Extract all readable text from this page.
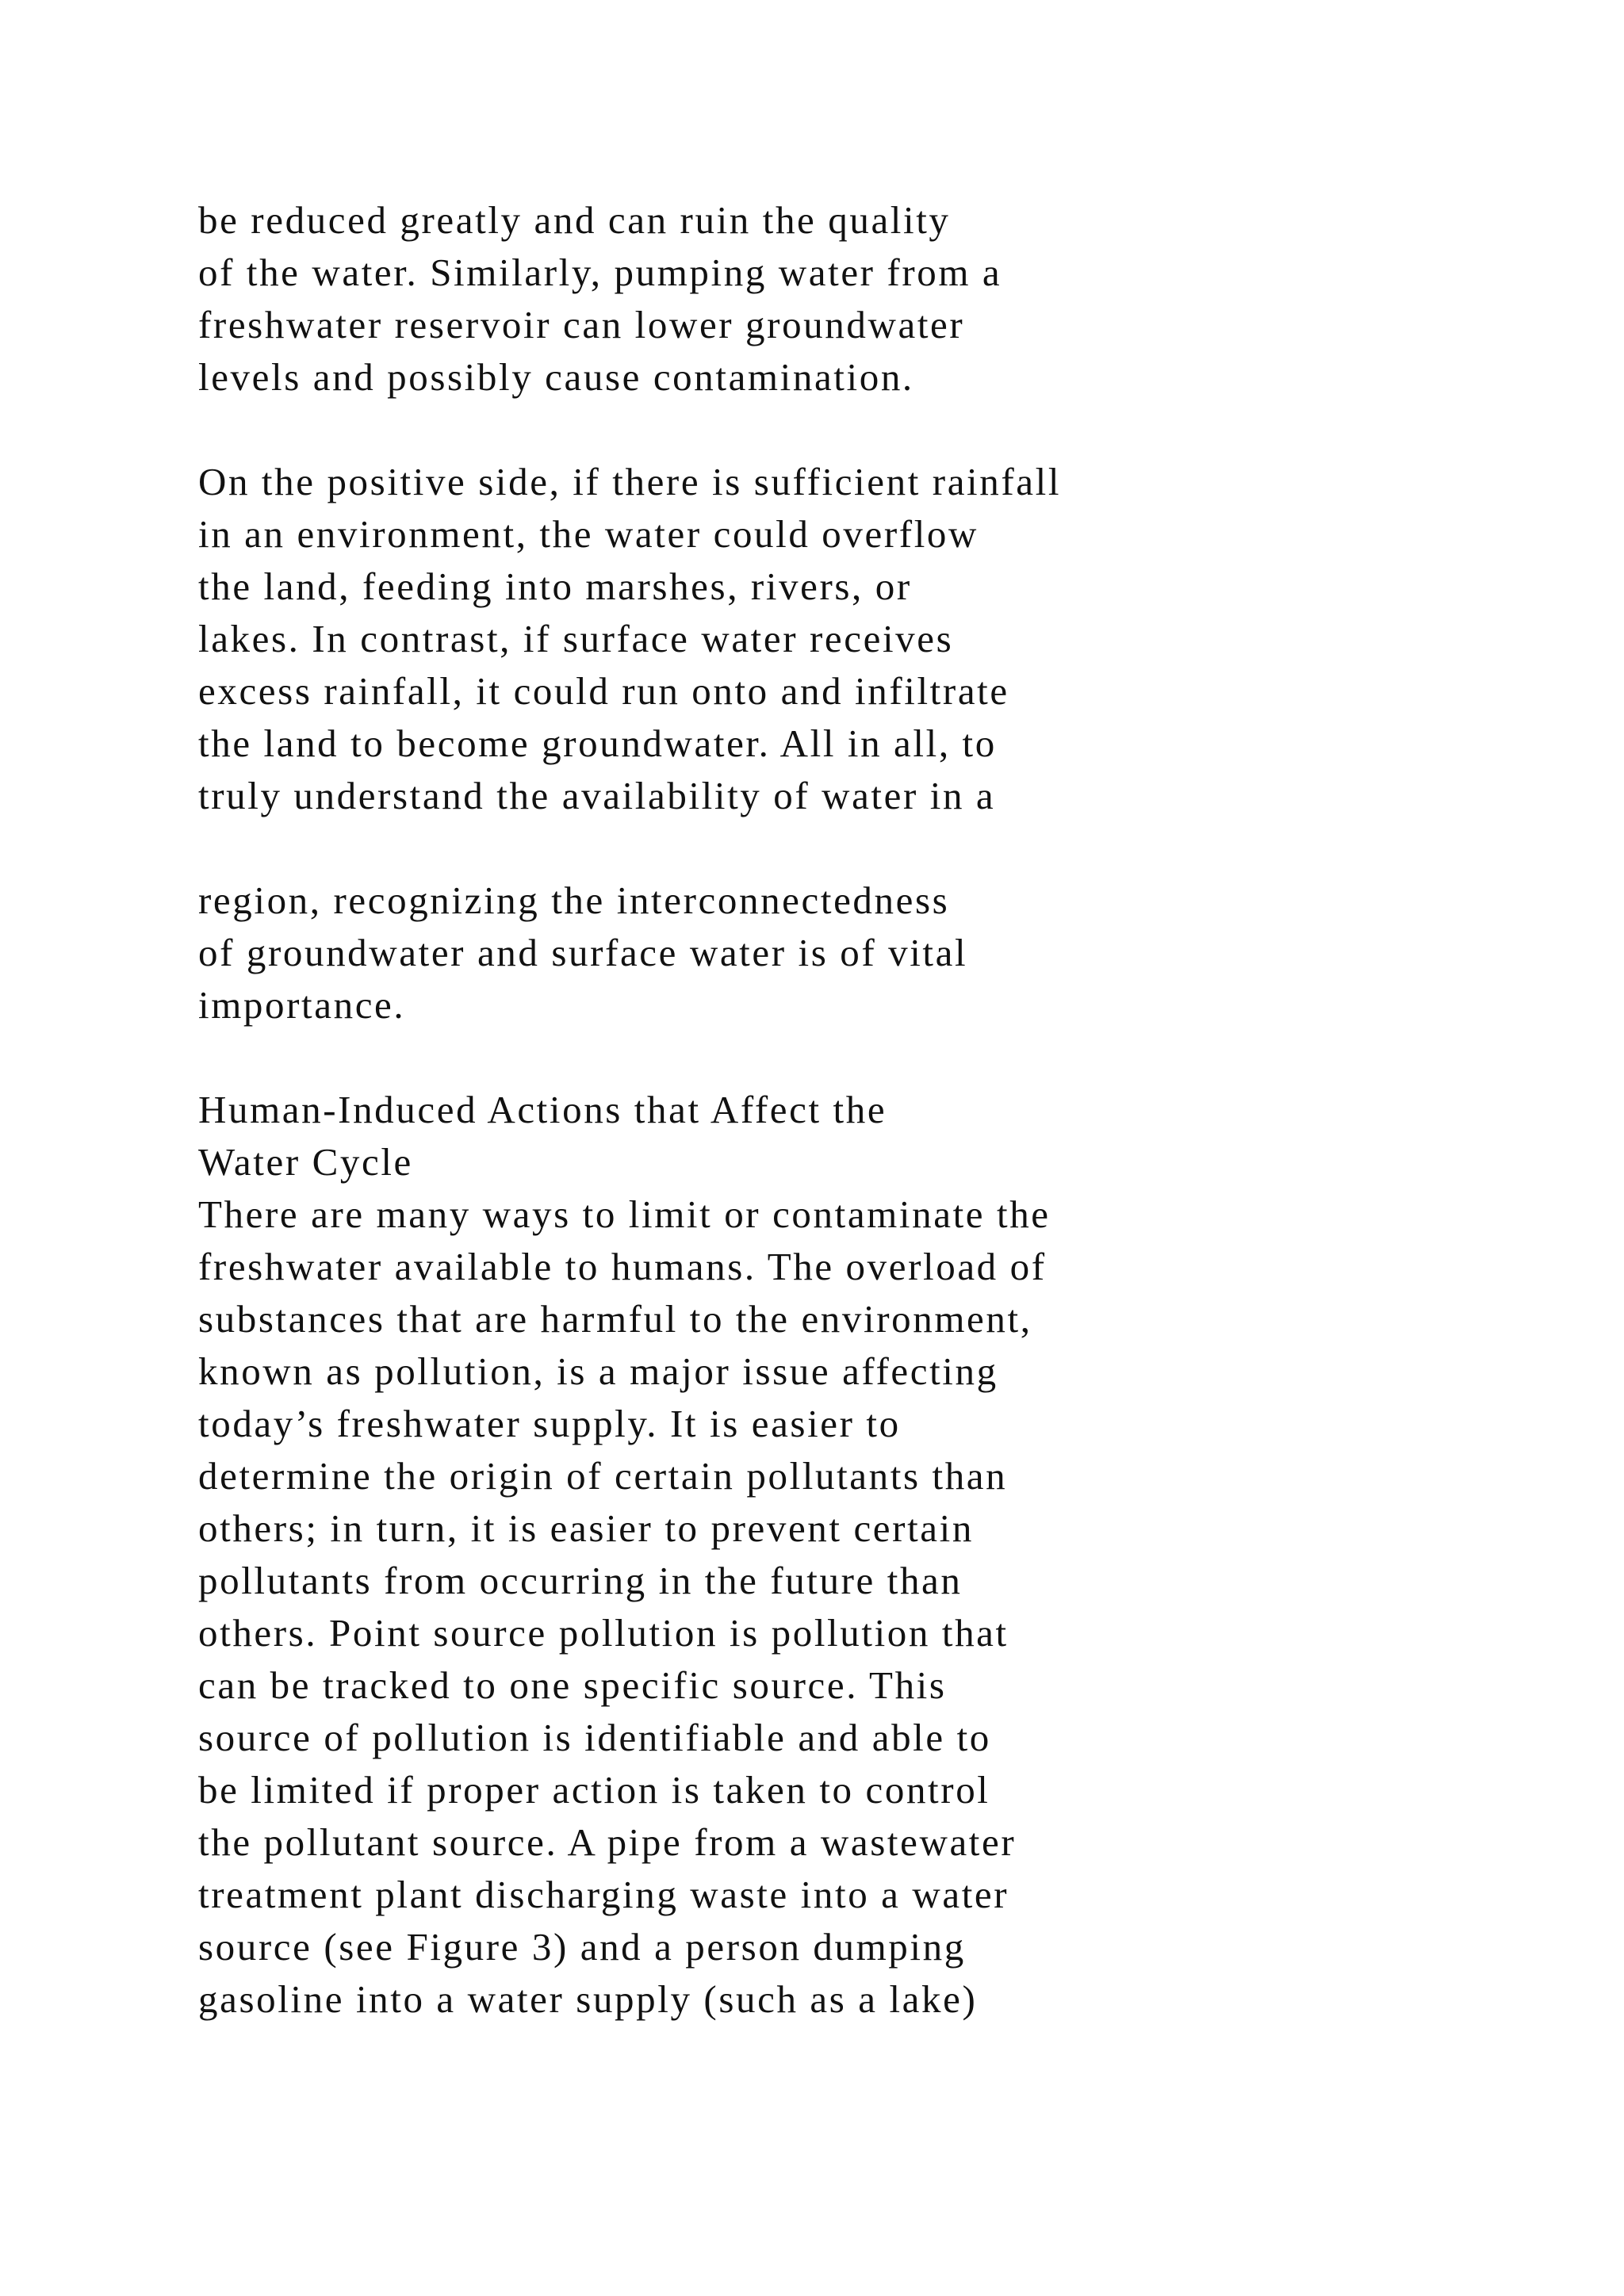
be reduced greatly and can ruin the quality
of the water. Similarly, pumping water from a
freshwater reservoir can lower groundwater
levels and possibly cause contamination.
On the positive side, if there is sufficient rainfall
in an environment, the water could overflow
the land, feeding into marshes, rivers, or
lakes. In contrast, if surface water receives
excess rainfall, it could run onto and infiltrate
the land to become groundwater. All in all, to
truly understand the availability of water in a
region, recognizing the interconnectedness
of groundwater and surface water is of vital
importance.
Human-Induced Actions that Affect the
Water Cycle
There are many ways to limit or contaminate the
freshwater available to humans. The overload of
substances that are harmful to the environment,
known as pollution, is a major issue affecting
today’s freshwater supply. It is easier to
determine the origin of certain pollutants than
others; in turn, it is easier to prevent certain
pollutants from occurring in the future than
others. Point source pollution is pollution that
can be tracked to one specific source. This
source of pollution is identifiable and able to
be limited if proper action is taken to control
the pollutant source. A pipe from a wastewater
treatment plant discharging waste into a water
source (see Figure 3) and a person dumping
gasoline into a water supply (such as a lake)
